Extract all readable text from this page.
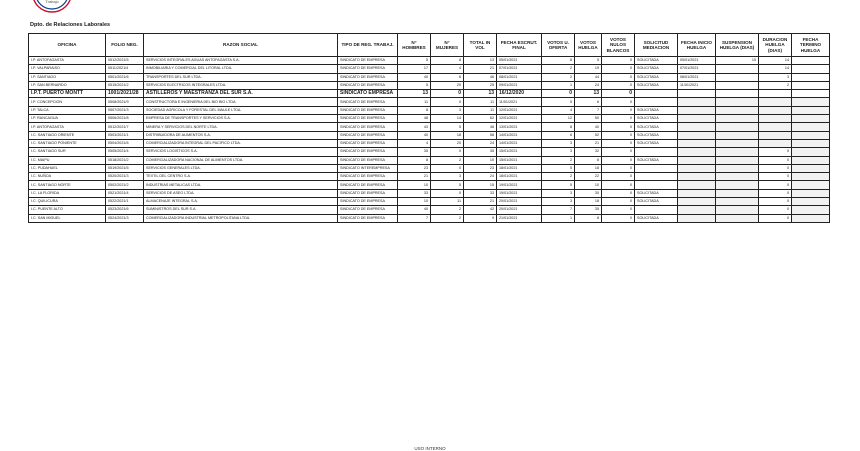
Trabajo
Dpto. de Relaciones Laborales
OFICINA	FOLIO NEG.	RAZON SOCIAL	TIPO DE REG. TRABAJ.	N° HOMBRES	N° MUJERES	TOTAL IN VOL	FECHA ESCRUT. FINAL	VOTOS U. OFERTA	VOTOS HUELGA	VOTOS NULOS BLANCOS	SOLICITUD MEDIACION	FECHA INICIO HUELGA	SUSPENSION HUELGA (DIAS)	DURACION HUELGA (DIAS)	FECHA TERMINO HUELGA
I.P. ANTOFAGASTA	0512/2021/5	SERVICIOS INTEGRALES AGUAS ANTOFAGASTA S.A.	SINDICATO DE EMPRESA	5	8	13	05/01/2021	8	5	0	SOLICITADA	05/01/2021	15	14	
I.P. VALPARAISO	0511/2021/4	INMOBILIARIA Y COMERCIAL DEL LITORAL LTDA.	SINDICATO DE EMPRESA	17	4	21	07/01/2021	2	19	0	SOLICITADA	07/01/2021		14	
I.P. SANTIAGO	0501/2021/6	TRANSPORTES DEL SUR LTDA.	SINDICATO DE EMPRESA	40	6	46	08/01/2021	2	44	0	SOLICITADA	08/01/2021		3	
I.P. SAN BERNARDO	0515/2021/2	SERVICIOS ELECTRICOS INTEGRALES LTDA.	SINDICATO DE EMPRESA	5	20	25	09/01/2021	1	24	0	SOLICITADA	11/01/2021		2	
I.P.T. PUERTO MONTT	1001/2021/28	ASTILLEROS Y MAESTRANZA DEL SUR S.A.	SINDICATO EMPRESA	13	0	13	16/12/2020	0	13	0					
I.P. CONCEPCION	0508/2021/9	CONSTRUCTORA E INGENIERIA DEL BIO BIO LTDA.	SINDICATO DE EMPRESA	11	0	11	11/01/2021	5	6	0					
I.P. TALCA	0507/2021/3	SOCIEDAD AGRICOLA Y FORESTAL DEL MAULE LTDA.	SINDICATO DE EMPRESA	8	3	11	12/01/2021	4	7	0	SOLICITADA				
I.P. RANCAGUA	0506/2021/8	EMPRESA DE TRANSPORTES Y SERVICIOS S.A.	SINDICATO DE EMPRESA	48	14	62	12/01/2021	12	50	0	SOLICITADA				
I.P. ANTOFAGASTA	0512/2021/7	MINERA Y SERVICIOS DEL NORTE LTDA.	SINDICATO DE EMPRESA	43	5	48	13/01/2021	8	40	0	SOLICITADA				
I.C. SANTIAGO ORIENTE	0503/2021/1	DISTRIBUIDORA DE ALIMENTOS S.A.	SINDICATO DE EMPRESA	40	18	58	14/01/2021	6	52	0	SOLICITADA				
I.C. SANTIAGO PONIENTE	0504/2021/6	COMERCIALIZADORA INTEGRAL DEL PACIFICO LTDA.	SINDICATO DE EMPRESA	4	20	24	14/01/2021	3	21	0	SOLICITADA				
I.C. SANTIAGO SUR	0505/2021/4	SERVICIOS LOGISTICOS S.A.	SINDICATO DE EMPRESA	35	0	35	15/01/2021	3	32	0				0	
I.C. MAIPU	0518/2021/2	COMERCIALIZADORA NACIONAL DE ALIMENTOS LTDA.	SINDICATO DE EMPRESA	8	2	10	15/01/2021	2	8	0	SOLICITADA			0	
I.C. PUDAHUEL	0519/2021/5	SERVICIOS GENERALES LTDA.	SINDICATO INTEREMPRESA	23	0	23	18/01/2021	5	18	0				0	
I.C. NUÑOA	0520/2021/3	TEXTIL DEL CENTRO S.A.	SINDICATO DE EMPRESA	21	3	24	18/01/2021	2	22	0				0	
I.C. SANTIAGO NORTE	0502/2021/2	INDUSTRIAS METALICAS LTDA.	SINDICATO DE EMPRESA	10	5	15	19/01/2021	5	10	0				0	
I.C. LA FLORIDA	0521/2021/4	SERVICIOS DE ASEO LTDA.	SINDICATO DE EMPRESA	33	0	33	19/01/2021	3	30	0	SOLICITADA			0	
I.C. QUILICURA	0522/2021/1	ALMACENAJE INTEGRAL S.A.	SINDICATO DE EMPRESA	10	11	21	20/01/2021	3	18	0	SOLICITADA			0	
I.C. PUENTE ALTO	0523/2021/6	SUMINISTROS DEL SUR S.A.	SINDICATO DE EMPRESA	40	2	42	20/01/2021	7	35	0				0	
I.C. SAN MIGUEL	0524/2021/3	COMERCIALIZADORA INDUSTRIAL METROPOLITANA LTDA.	SINDICATO DE EMPRESA	7	2	9	21/01/2021	1	8	0	SOLICITADA			0	
USO INTERNO
